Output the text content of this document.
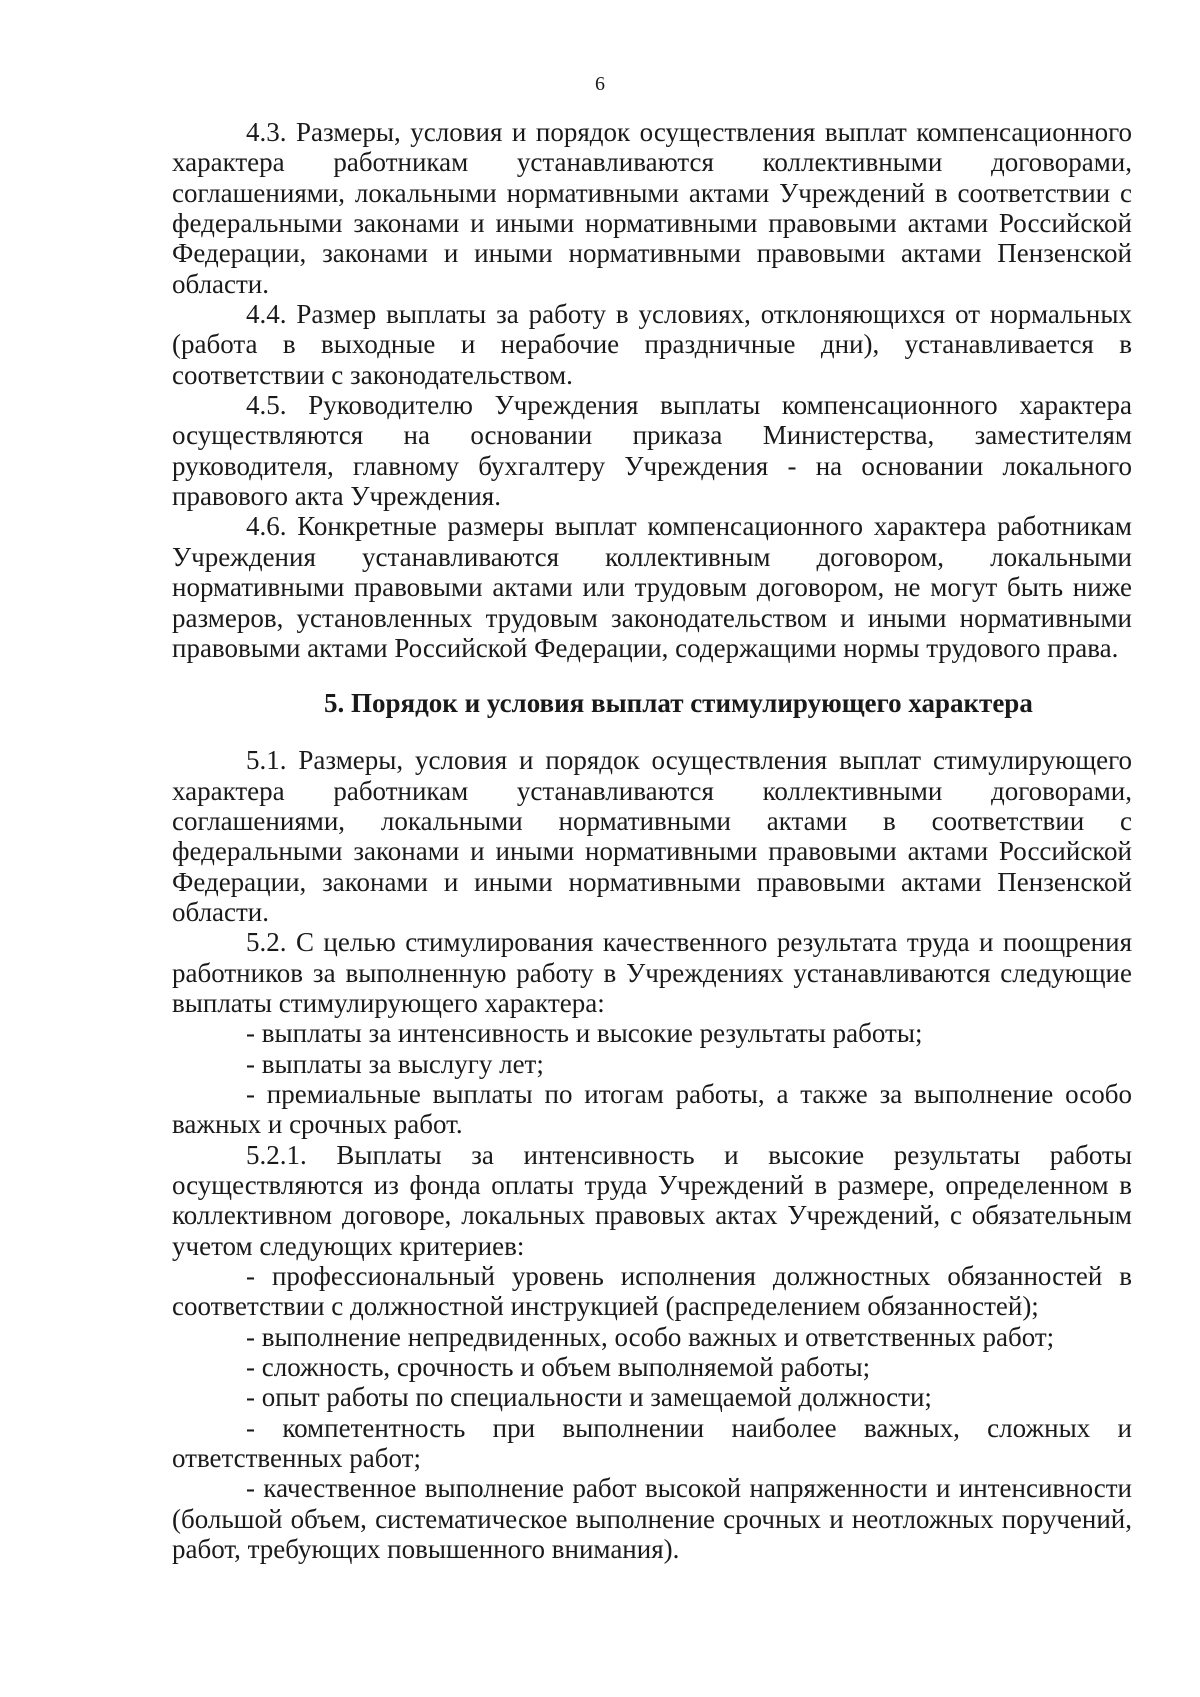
6

4.3. Размеры, условия и порядок осуществления выплат компенсационного характера работникам устанавливаются коллективными договорами, соглашениями, локальными нормативными актами Учреждений в соответствии с федеральными законами и иными нормативными правовыми актами Российской Федерации, законами и иными нормативными правовыми актами Пензенской области.

4.4. Размер выплаты за работу в условиях, отклоняющихся от нормальных (работа в выходные и нерабочие праздничные дни), устанавливается в соответствии с законодательством.

4.5. Руководителю Учреждения выплаты компенсационного характера осуществляются на основании приказа Министерства, заместителям руководителя, главному бухгалтеру Учреждения - на основании локального правового акта Учреждения.

4.6. Конкретные размеры выплат компенсационного характера работникам Учреждения устанавливаются коллективным договором, локальными нормативными правовыми актами или трудовым договором, не могут быть ниже размеров, установленных трудовым законодательством и иными нормативными правовыми актами Российской Федерации, содержащими нормы трудового права.

5. Порядок и условия выплат стимулирующего характера

5.1. Размеры, условия и порядок осуществления выплат стимулирующего характера работникам устанавливаются коллективными договорами, соглашениями, локальными нормативными актами в соответствии с федеральными законами и иными нормативными правовыми актами Российской Федерации, законами и иными нормативными правовыми актами Пензенской области.

5.2. С целью стимулирования качественного результата труда и поощрения работников за выполненную работу в Учреждениях устанавливаются следующие выплаты стимулирующего характера:

- выплаты за интенсивность и высокие результаты работы;

- выплаты за выслугу лет;

- премиальные выплаты по итогам работы, а также за выполнение особо важных и срочных работ.

5.2.1. Выплаты за интенсивность и высокие результаты работы осуществляются из фонда оплаты труда Учреждений в размере, определенном в коллективном договоре, локальных правовых актах Учреждений, с обязательным учетом следующих критериев:

- профессиональный уровень исполнения должностных обязанностей в соответствии с должностной инструкцией (распределением обязанностей);

- выполнение непредвиденных, особо важных и ответственных работ;

- сложность, срочность и объем выполняемой работы;

- опыт работы по специальности и замещаемой должности;

- компетентность при выполнении наиболее важных, сложных и ответственных работ;

- качественное выполнение работ высокой напряженности и интенсивности (большой объем, систематическое выполнение срочных и неотложных поручений, работ, требующих повышенного внимания).
